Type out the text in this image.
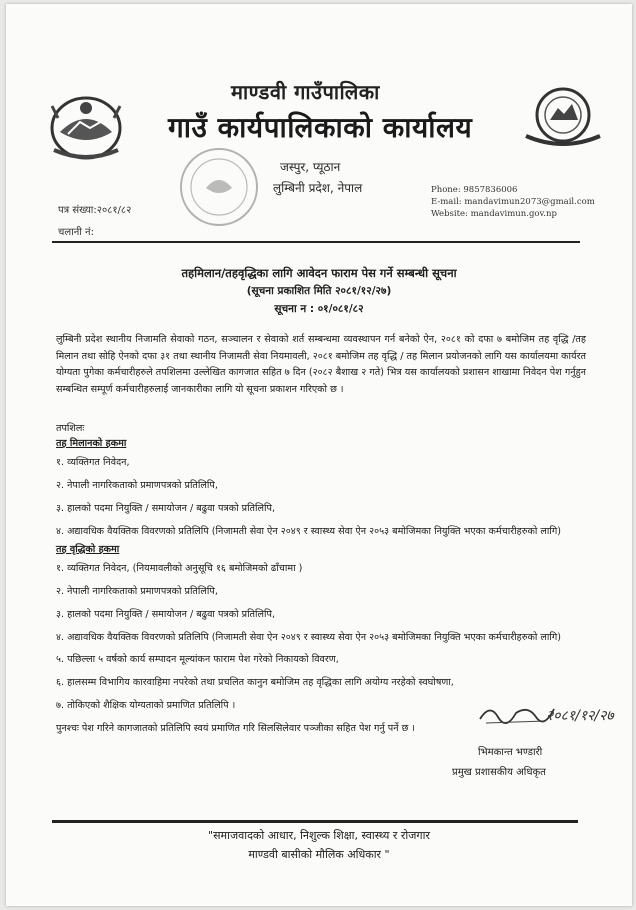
माण्डवी गाउँपालिका
गाउँ कार्यपालिकाको कार्यालय
जस्पुर, प्यूठान
लुम्बिनी प्रदेश, नेपाल	Phone: 9857836006
E-mail: mandavimun2073@gmail.com
Website: mandavimun.gov.np
पत्र संख्या:२०८१/८२
चलानी नं:
तहमिलान/तहवृद्धिका लागि आवेदन फाराम पेस गर्ने सम्बन्धी सूचना
(सूचना प्रकाशित मिति २०८१/१२/२७)
सूचना न : ०१/०८१/८२
लुम्बिनी प्रदेश स्थानीय निजामति सेवाको गठन, सञ्चालन र सेवाको शर्त सम्बन्धमा व्यवस्थापन गर्न बनेको ऐन, २०८१ को दफा ७ बमोजिम तह वृद्धि /तह मिलान तथा सोहि ऐनको दफा ३१ तथा स्थानीय निजामती सेवा नियमावली, २०८१ बमोजिम तह वृद्धि / तह मिलान प्रयोजनको लागि यस कार्यालयमा कार्यरत योग्यता पुगेका कर्मचारीहरुले तपशिलमा उल्लेखित कागजात सहित ७ दिन (२०८२ बैशाख २ गते) भित्र यस कार्यालयको प्रशासन शाखामा निवेदन पेश गर्नुहुन सम्बन्धित सम्पूर्ण कर्मचारीहरुलाई जानकारीका लागि यो सूचना प्रकाशन गरिएको छ ।
तपशिलः
तह मिलानको हकमा
१. व्यक्तिगत निवेदन,
२. नेपाली नागरिकताको प्रमाणपत्रको प्रतिलिपि,
३. हालको पदमा नियुक्ति / समायोजन / बढुवा पत्रको प्रतिलिपि,
४. अद्यावधिक वैयक्तिक विवरणको प्रतिलिपि (निजामती सेवा ऐन २०४९ र स्वास्थ्य सेवा ऐन २०५३ बमोजिमका नियुक्ति भएका कर्मचारीहरुको लागि)
तह वृद्धिको हकमा
१. व्यक्तिगत निवेदन, (नियमावलीको अनुसूचि १६ बमोजिमको ढाँचामा )
२. नेपाली नागरिकताको प्रमाणपत्रको प्रतिलिपि,
३. हालको पदमा नियुक्ति / समायोजन / बढुवा पत्रको प्रतिलिपि,
४. अद्यावधिक वैयक्तिक विवरणको प्रतिलिपि (निजामती सेवा ऐन २०४९ र स्वास्थ्य सेवा ऐन २०५३ बमोजिमका नियुक्ति भएका कर्मचारीहरुको लागि)
५. पछिल्ला ५ वर्षको कार्य सम्पादन मूल्यांकन फाराम पेश गरेको निकायको विवरण,
६. हालसम्म विभागिय कारवाहिमा नपरेको तथा प्रचलित कानुन बमोजिम तह वृद्धिका लागि अयोग्य नरहेको स्वघोषणा,
७. तोकिएको शैक्षिक योग्यताको प्रमाणित प्रतिलिपि ।
पुनश्चः पेश गरिने कागजातको प्रतिलिपि स्वयं प्रमाणित गरि सिलसिलेवार पञ्जीका सहित पेश गर्नु पर्ने छ ।
२०८१/१२/२७
भिमकान्त भण्डारी
प्रमुख प्रशासकीय अधिकृत
"समाजवादको आधार, निशुल्क शिक्षा, स्वास्थ्य र रोजगार
माण्डवी बासीको मौलिक अधिकार "
